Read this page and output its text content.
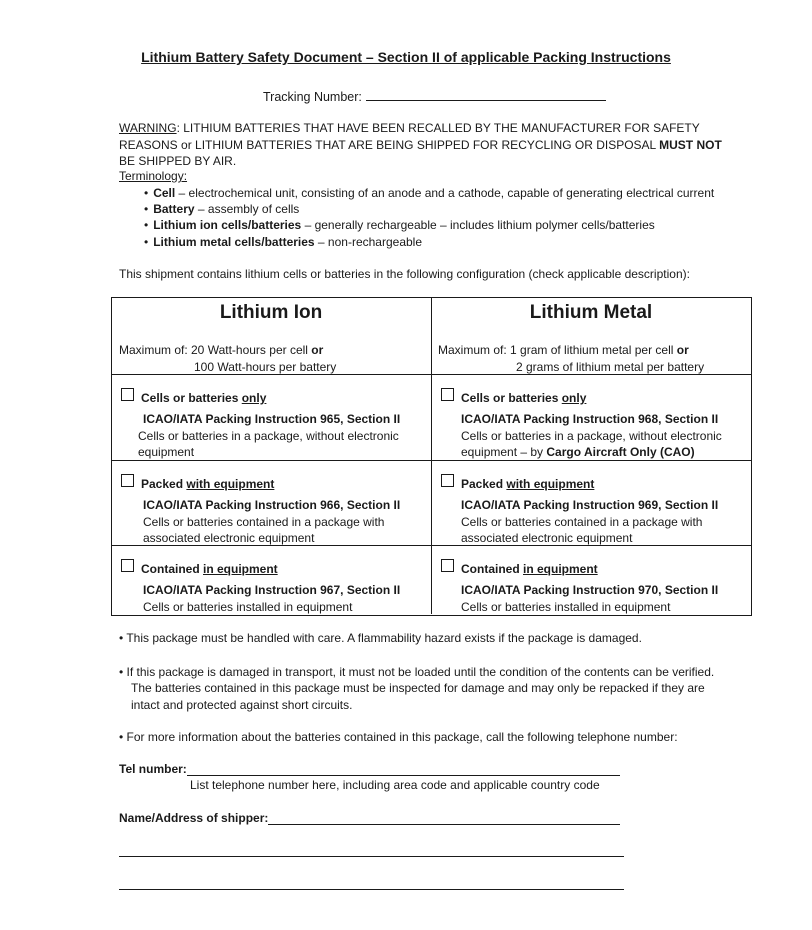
Lithium Battery Safety Document – Section II of applicable Packing Instructions
Tracking Number:
WARNING: LITHIUM BATTERIES THAT HAVE BEEN RECALLED BY THE MANUFACTURER FOR SAFETY REASONS or LITHIUM BATTERIES THAT ARE BEING SHIPPED FOR RECYCLING OR DISPOSAL MUST NOT BE SHIPPED BY AIR.
Terminology:
• Cell – electrochemical unit, consisting of an anode and a cathode, capable of generating electrical current
• Battery – assembly of cells
• Lithium ion cells/batteries – generally rechargeable – includes lithium polymer cells/batteries
• Lithium metal cells/batteries – non-rechargeable
This shipment contains lithium cells or batteries in the following configuration (check applicable description):
Lithium Ion
Maximum of: 20 Watt-hours per cell or
100 Watt-hours per battery
Cells or batteries only
ICAO/IATA Packing Instruction 965, Section II
Cells or batteries in a package, without electronic
equipment
Packed with equipment
ICAO/IATA Packing Instruction 966, Section II
Cells or batteries contained in a package with
associated electronic equipment
Contained in equipment
ICAO/IATA Packing Instruction 967, Section II
Cells or batteries installed in equipment
Lithium Metal
Maximum of: 1 gram of lithium metal per cell or
2 grams of lithium metal per battery
Cells or batteries only
ICAO/IATA Packing Instruction 968, Section II
Cells or batteries in a package, without electronic
equipment – by Cargo Aircraft Only (CAO)
Packed with equipment
ICAO/IATA Packing Instruction 969, Section II
Cells or batteries contained in a package with
associated electronic equipment
Contained in equipment
ICAO/IATA Packing Instruction 970, Section II
Cells or batteries installed in equipment
• This package must be handled with care. A flammability hazard exists if the package is damaged.
• If this package is damaged in transport, it must not be loaded until the condition of the contents can be verified.
The batteries contained in this package must be inspected for damage and may only be repacked if they are
intact and protected against short circuits.
• For more information about the batteries contained in this package, call the following telephone number:
Tel number:
List telephone number here, including area code and applicable country code
Name/Address of shipper:
